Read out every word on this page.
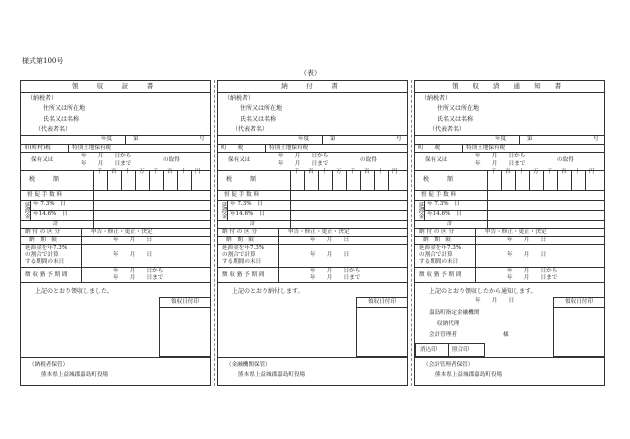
様式第100号
（表）
領　収　証　書
（納税者）
住所又は所在地
氏名又は名称
（代表者名）
年度	第	号
市(町村)税	特別土地保有税
保有又は
年　　月　　日から
年　　月　　日まで
の取得
税　　　額
千 百 十 万 千 百 十 円
督 促 手 数 料
延滞金 年 7.3%　日
年14.6%　日
計
納 付 の 区 分	申告・修正・更正・決定
納　期　限	年　　月　　日
延滞金を年7.3%
の割合で計算
する期間の末日
年　　月　　日
徴 収 猶 予 期 間
年　　月　　日から
年　　月　　日まで
上記のとおり領収しました。
領収日付印
（納税者保管）
熊本県上益城郡嘉島町役場
納　付　書
（納税者）
住所又は所在地
氏名又は名称
（代表者名）
年度	第	号
町　　税	特別土地保有税
保有又は
年　　月　　日から
年　　月　　日まで
の取得
税　　　額
千 百 十 万 千 百 十 円
督 促 手 数 料
延滞金 年 7.3%　日
年14.6%　日
計
納 付 の 区 分	申告・修正・更正・決定
納　期　限	年　　月　　日
延滞金を年7.3%
の割合で計算
する期間の末日
年　　月　　日
徴 収 猶 予 期 間
年　　月　　日から
年　　月　　日まで
上記のとおり納付します。
領収日付印
（金融機関保管）
熊本県上益城郡嘉島町役場
領 収 済 通 知 書
（納税者）
住所又は所在地
氏名又は名称
（代表者名）
年度	第	号
町　　税	特別土地保有税
保有又は
年　　月　　日から
年　　月　　日まで
の取得
税　　　額
千 百 十 万 千 百 十 円
督 促 手 数 料
延滞金 年 7.3%　日
年14.6%　日
計
納 付 の 区 分	申告・修正・更正・決定
納　期　限	年　　月　　日
延滞金を年7.3%
の割合で計算
する期間の末日
年　　月　　日
徴 収 猶 予 期 間
年　　月　　日から
年　　月　　日まで
上記のとおり領収したから通知します。
年　　月　　日
嘉島町指定金融機関
収納代理
会計管理者	様
領収日付印
消込印	照合印
（会計管理者保管）
熊本県上益城郡嘉島町役場
